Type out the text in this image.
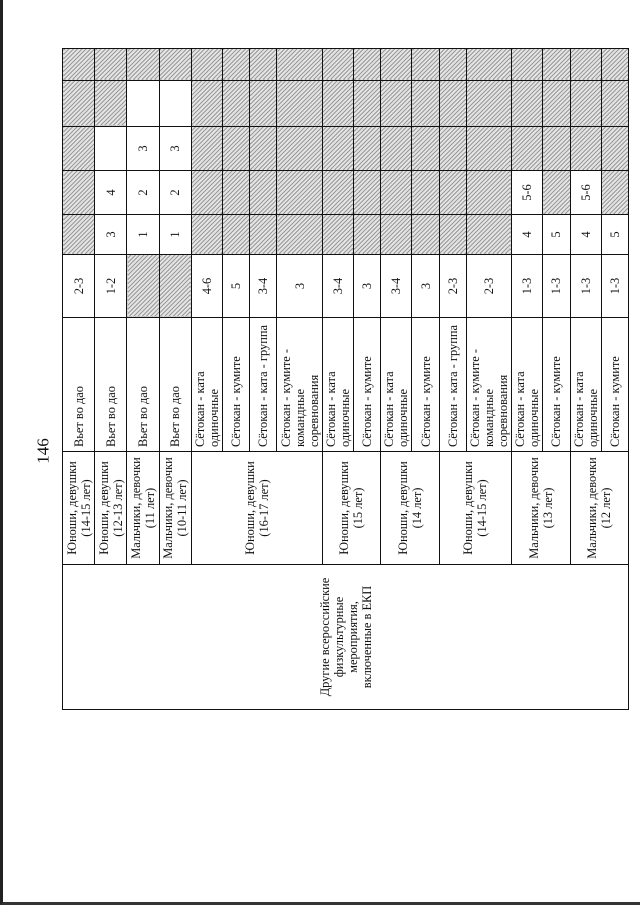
146
Другие всероссийские физкультурные мероприятия, включенные в ЕКП	Юноши, девушки (14-15 лет)	Вьет во дао	2-3						
	Юноши, девушки (12-13 лет)	Вьет во дао	1-2	3	4				
	Мальчики, девочки (11 лет)	Вьет во дао		1	2	3			
	Мальчики, девочки (10-11 лет)	Вьет во дао		1	2	3			
	Юноши, девушки (16-17 лет)	Сётокан - ката одиночные	4-6						
		Сётокан - кумите	5						
		Сётокан - ката - группа	3-4						
		Сётокан - кумите - командные соревнования	3						
	Юноши, девушки (15 лет)	Сётокан - ката одиночные	3-4						
		Сётокан - кумите	3						
	Юноши, девушки (14 лет)	Сётокан - ката одиночные	3-4						
		Сётокан - кумите	3						
	Юноши, девушки (14-15 лет)	Сётокан - ката - группа	2-3						
		Сётокан - кумите - командные соревнования	2-3						
	Мальчики, девочки (13 лет)	Сётокан - ката одиночные	1-3	4	5-6				
		Сётокан - кумите	1-3	5					
	Мальчики, девочки (12 лет)	Сётокан - ката одиночные	1-3	4	5-6				
		Сётокан - кумите	1-3	5					
